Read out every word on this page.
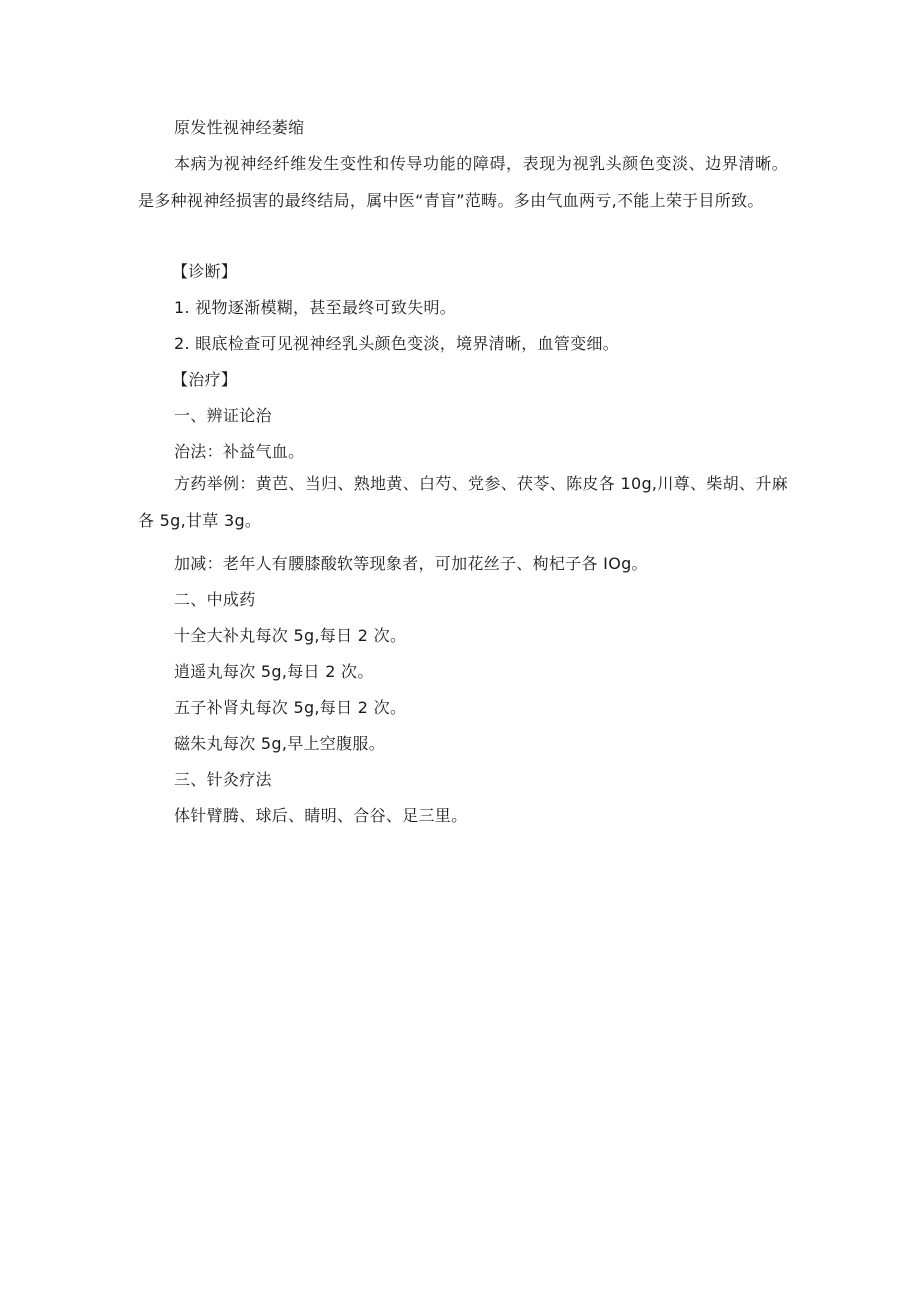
原发性视神经萎缩
本病为视神经纤维发生变性和传导功能的障碍，表现为视乳头颜色变淡、边界清晰。是多种视神经损害的最终结局，属中医“青盲”范畴。多由气血两亏,不能上荣于目所致。
【诊断】
1. 视物逐渐模糊，甚至最终可致失明。
2. 眼底检查可见视神经乳头颜色变淡，境界清晰，血管变细。
【治疗】
一、辨证论治
治法：补益气血。
方药举例：黄芭、当归、熟地黄、白芍、党参、茯苓、陈皮各 10g,川尊、柴胡、升麻各 5g,甘草 3g。
加减：老年人有腰膝酸软等现象者，可加花丝子、枸杞子各 IOg。
二、中成药
十全大补丸每次 5g,每日 2 次。
逍遥丸每次 5g,每日 2 次。
五子补肾丸每次 5g,每日 2 次。
磁朱丸每次 5g,早上空腹服。
三、针灸疗法
体针臂腾、球后、睛明、合谷、足三里。
